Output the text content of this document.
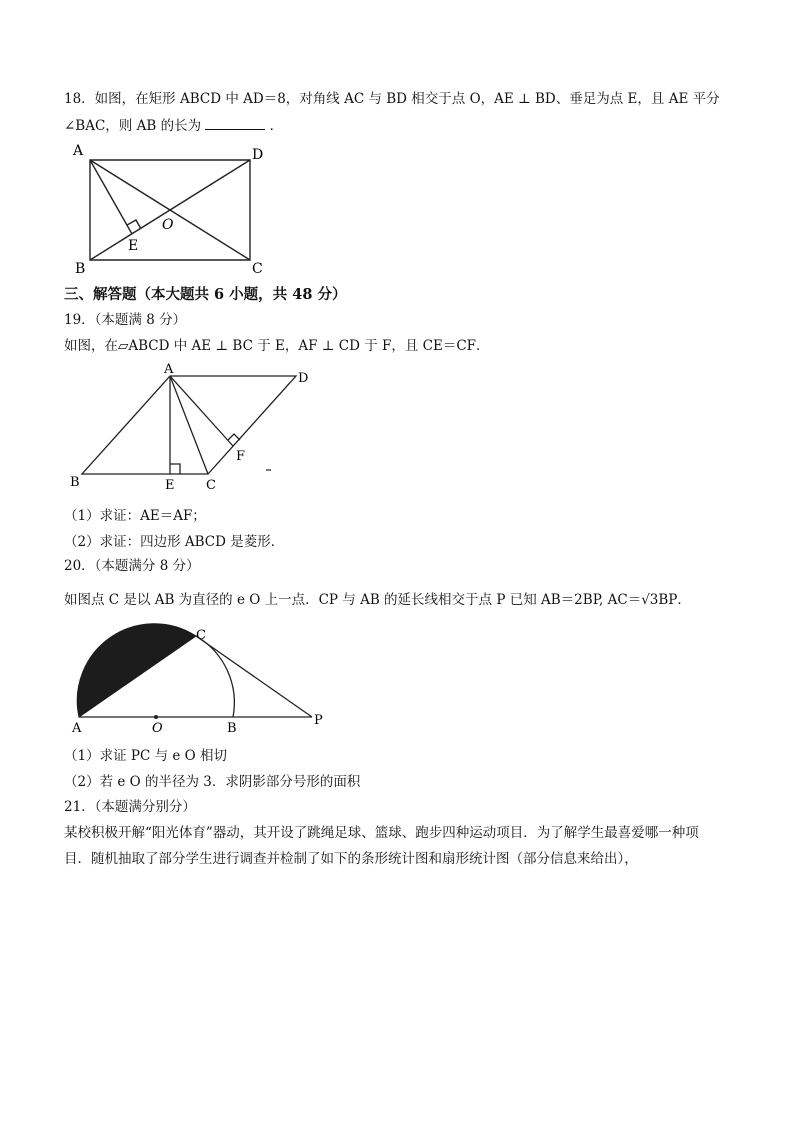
18．如图，在矩形 ABCD 中 AD＝8，对角线 AC 与 BD 相交于点 O，AE ⊥ BD、垂足为点 E，且 AE 平分
∠BAC，则 AB 的长为	．
A	D
B	C
E
O
三、解答题（本大题共 6 小题，共 48 分）
19．（本题满 8 分）
如图，在▱ABCD 中 AE ⊥ BC 于 E，AF ⊥ CD 于 F，且 CE＝CF．
A
D
B	E C
F
（1）求证：AE＝AF；
（2）求证：四边形 ABCD 是菱形．
20．（本题满分 8 分）
如图点 C 是以 AB 为直径的 e O 上一点．CP 与 AB 的延长线相交于点 P 已知 AB＝2BP, AC＝√3BP．
C
A	O	B
P
（1）求证 PC 与 e O 相切
（2）若 e O 的半径为 3．求阴影部分号形的面积
21．（本题满分别分）
某校积极开解“阳光体育”器动，其开设了跳绳足球、篮球、跑步四种运动项目．为了解学生最喜爱哪一种项
目．随机抽取了部分学生进行调查并检制了如下的条形统计图和扇形统计图（部分信息来给出），
